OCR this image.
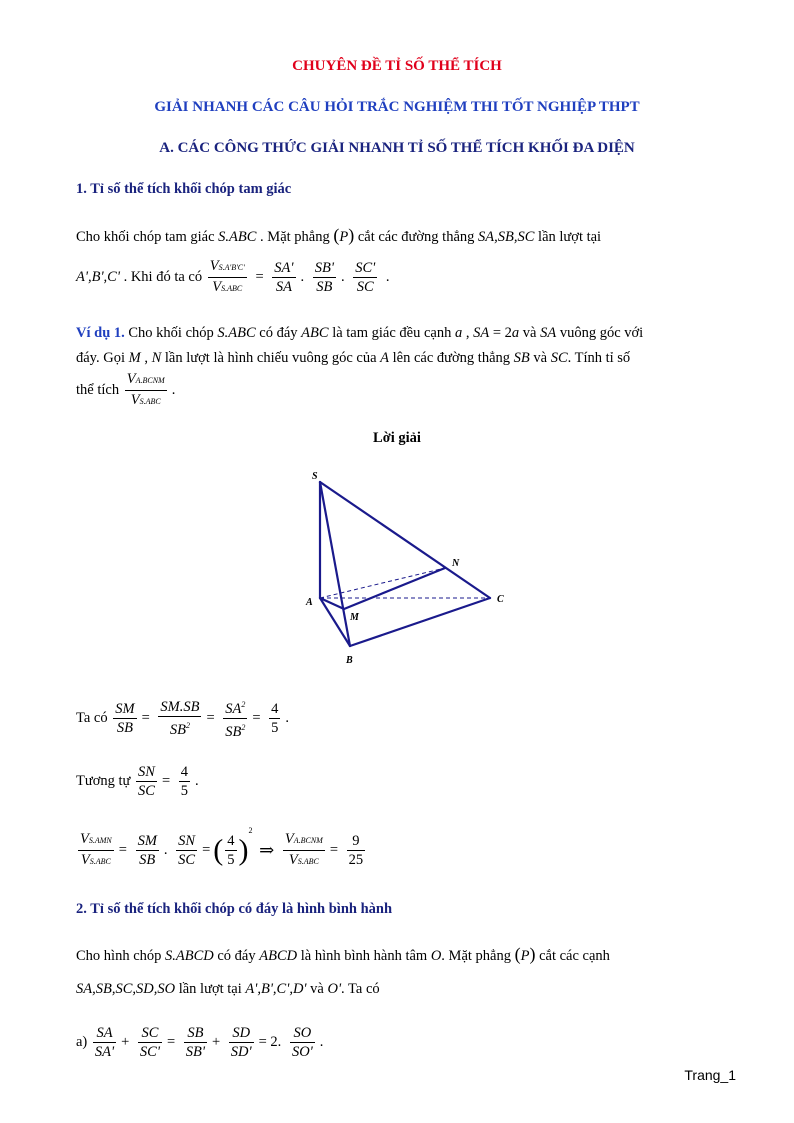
CHUYÊN ĐỀ TỈ SỐ THỂ TÍCH
GIẢI NHANH CÁC CÂU HỎI TRẮC NGHIỆM THI TỐT NGHIỆP THPT
A. CÁC CÔNG THỨC GIẢI NHANH TỈ SỐ THỂ TÍCH KHỐI ĐA DIỆN
1. Tỉ số thể tích khối chóp tam giác
Cho khối chóp tam giác S.ABC . Mặt phẳng (P) cắt các đường thẳng SA,SB,SC lần lượt tại
A',B',C' . Khi đó ta có $\frac{VS.A'B'C'}{\text{VS.ABC}} = \frac{SA'}{SA}$ . $\frac{SB'}{SB}$ . $\frac{SC'}{SC}$ .
Ví dụ 1. Cho khối chóp S.ABC có đáy ABC là tam giác đều cạnh a , SA = 2a và SA vuông góc với
đáy. Gọi M , N lần lượt là hình chiếu vuông góc của A lên các đường thẳng SB và SC. Tính tỉ số
thể tích $\frac{\text{VA.BCNM}}{\text{VS.ABC}}$ .
Lời giải
S
N
A	C
M
B
Ta có $\frac{SM}{SB} = \frac{SM.SB}{SB^2} = \frac{SA^2}{SB^2} = \frac{4}{5}$ .
Tương tự $\frac{SN}{SC} = \frac{4}{5}$ .
$\frac{\text{VS.AMN}}{\text{VS.ABC}} = \frac{SM}{SB}$ . $\frac{SN}{SC}$ = ( $\frac{4}{5} )^2$ ⇒ $\frac{\text{VA.BCNM}}{\text{VS.ABC}} = \frac{9}{25}$
2. Tỉ số thể tích khối chóp có đáy là hình bình hành
Cho hình chóp S.ABCD có đáy ABCD là hình bình hành tâm O. Mặt phẳng (P) cắt các cạnh
SA,SB,SC,SD,SO lần lượt tại A',B',C',D' và O'. Ta có
$a) \frac{SA}{SA'} + \frac{SC}{SC'} = \frac{SB}{SB'} + \frac{SD}{SD'} = 2$. $\frac{SO}{SO'}$ .
Trang_1
